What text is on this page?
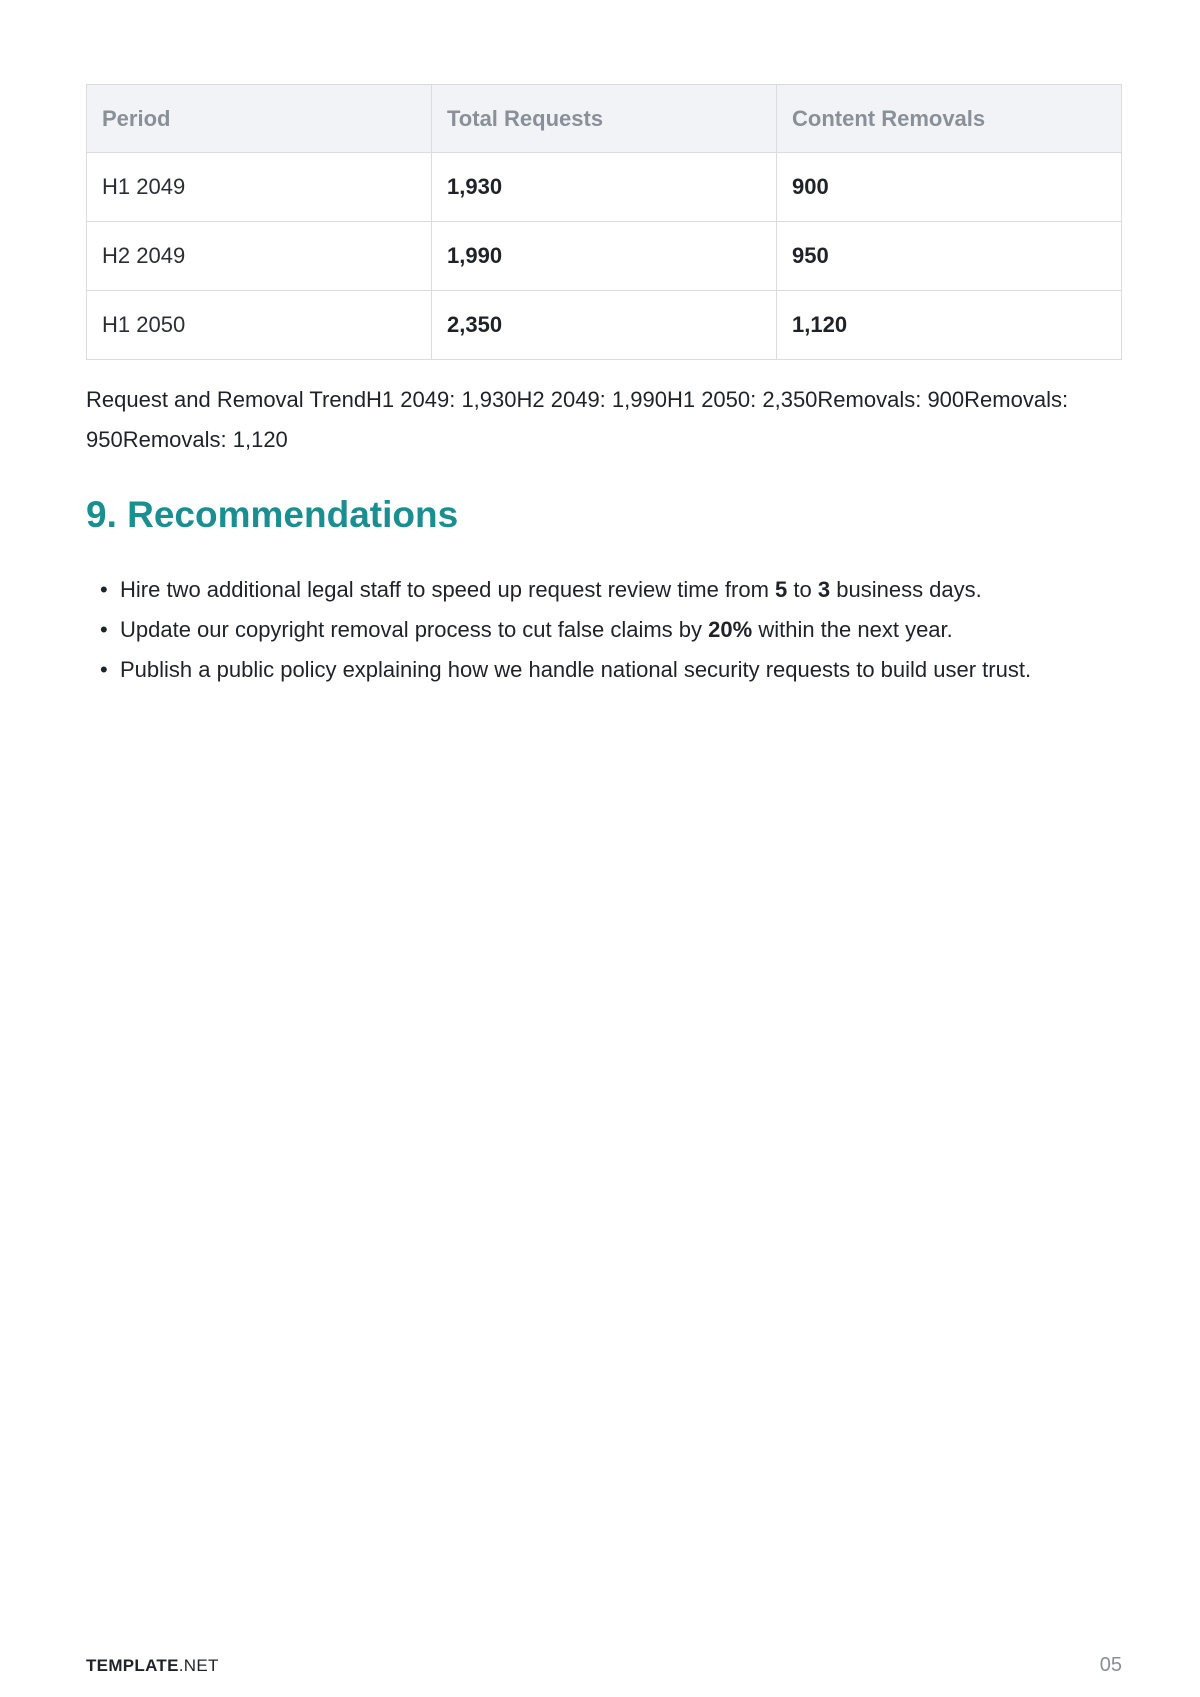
Period	Total Requests	Content Removals
H1 2049	1,930	900
H2 2049	1,990	950
H1 2050	2,350	1,120
Request and Removal TrendH1 2049: 1,930H2 2049: 1,990H1 2050: 2,350Removals: 900Removals: 950Removals: 1,120
9. Recommendations
• Hire two additional legal staff to speed up request review time from 5 to 3 business days.
• Update our copyright removal process to cut false claims by 20% within the next year.
• Publish a public policy explaining how we handle national security requests to build user trust.
TEMPLATE.NET	05
